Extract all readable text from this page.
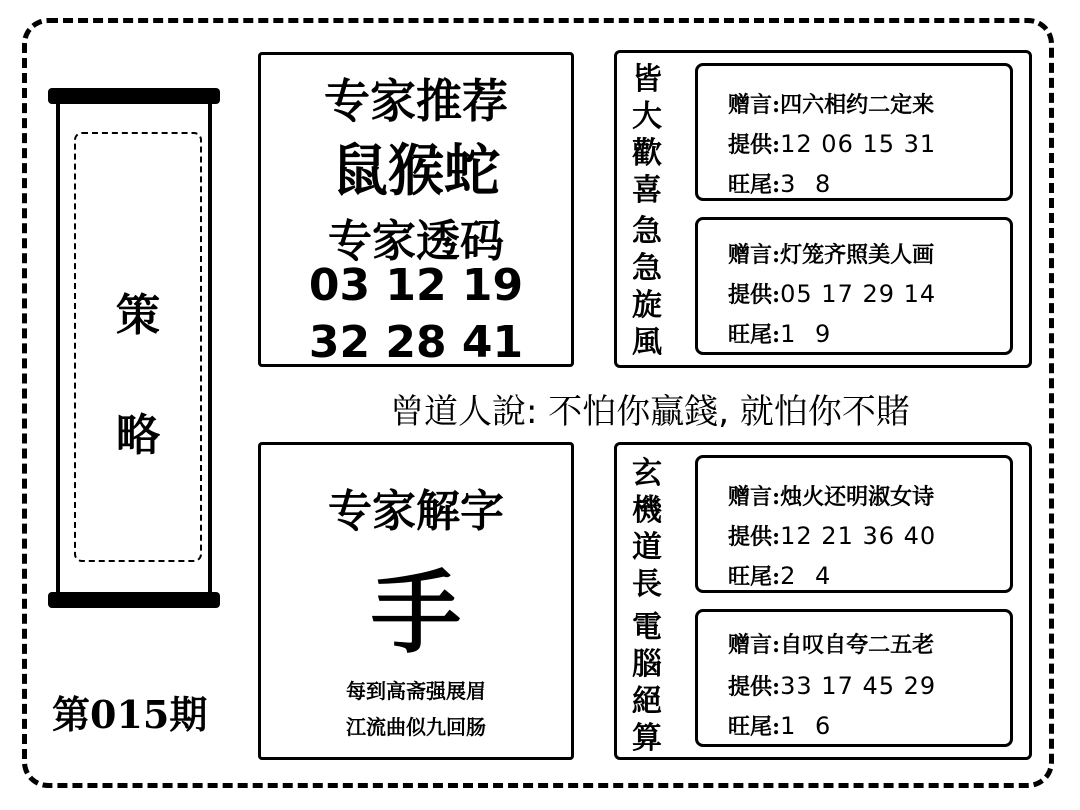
策
略
第015期
专家推荐
鼠猴蛇
专家透码
03 12 19
32 28 41
曾道人說: 不怕你贏錢, 就怕你不賭
专家解字
手
每到高斋强展眉
江流曲似九回肠
皆
大
歡
喜
急
急
旋
風
赠言:四六相约二定来
提供:12 06 15 31
旺尾:3 8
赠言:灯笼齐照美人画
提供:05 17 29 14
旺尾:1 9
玄
機
道
長
電
腦
絕
算
赠言:烛火还明淑女诗
提供:12 21 36 40
旺尾:2 4
赠言:自叹自夸二五老
提供:33 17 45 29
旺尾:1 6
